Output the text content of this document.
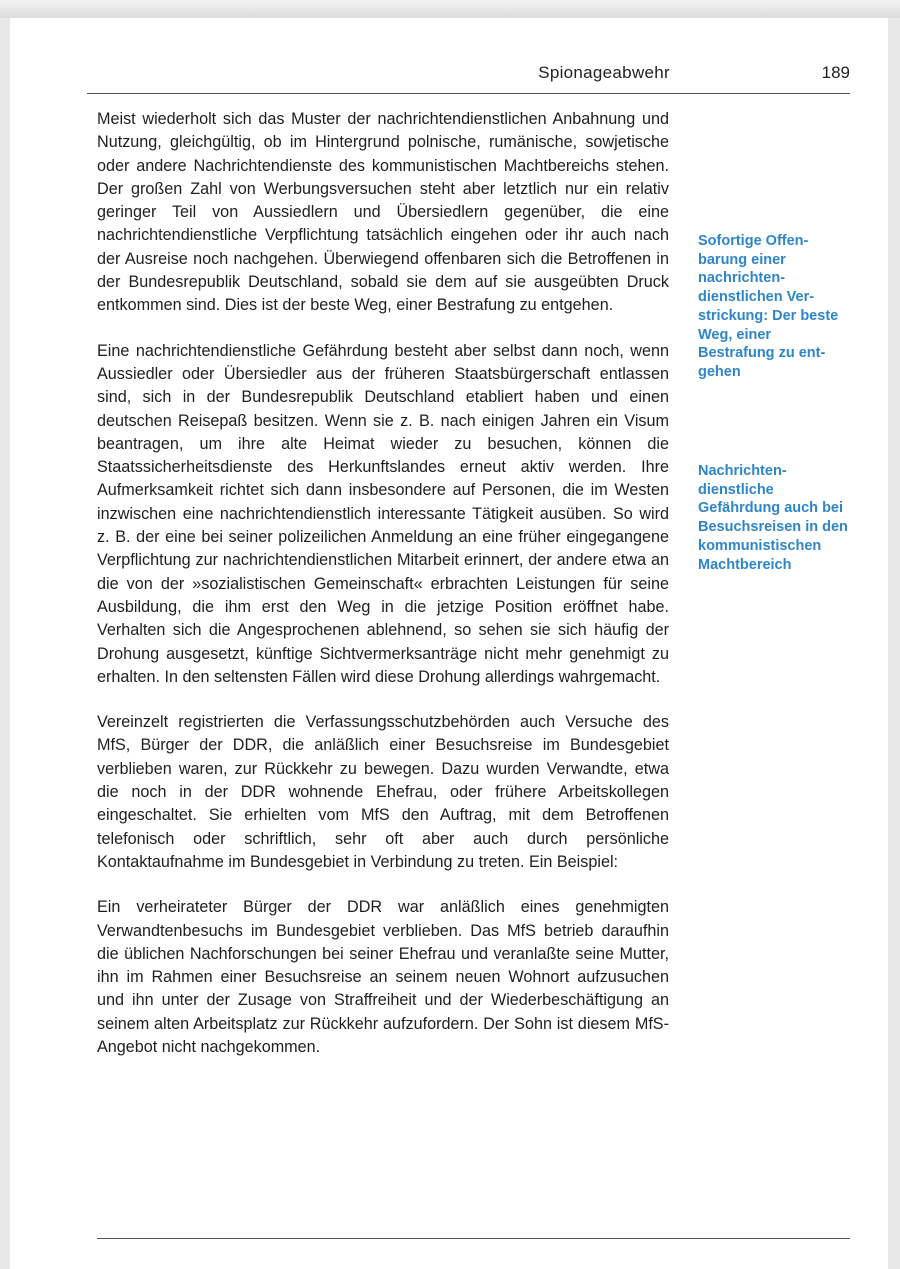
Spionageabwehr	189

Meist wiederholt sich das Muster der nachrichtendienstlichen Anbahnung und Nutzung, gleichgültig, ob im Hintergrund polnische, rumänische, sowjetische oder andere Nachrichtendienste des kommunistischen Machtbereichs stehen. Der großen Zahl von Werbungsversuchen steht aber letztlich nur ein relativ geringer Teil von Aussiedlern und Übersiedlern gegenüber, die eine nachrichtendienstliche Verpflichtung tatsächlich eingehen oder ihr auch nach der Ausreise noch nachgehen. Überwiegend offenbaren sich die Betroffenen in der Bundesrepublik Deutschland, sobald sie dem auf sie ausgeübten Druck entkommen sind. Dies ist der beste Weg, einer Bestrafung zu entgehen.

Eine nachrichtendienstliche Gefährdung besteht aber selbst dann noch, wenn Aussiedler oder Übersiedler aus der früheren Staatsbürgerschaft entlassen sind, sich in der Bundesrepublik Deutschland etabliert haben und einen deutschen Reisepaß besitzen. Wenn sie z. B. nach einigen Jahren ein Visum beantragen, um ihre alte Heimat wieder zu besuchen, können die Staatssicherheitsdienste des Herkunftslandes erneut aktiv werden. Ihre Aufmerksamkeit richtet sich dann insbesondere auf Personen, die im Westen inzwischen eine nachrichtendienstlich interessante Tätigkeit ausüben. So wird z. B. der eine bei seiner polizeilichen Anmeldung an eine früher eingegangene Verpflichtung zur nachrichtendienstlichen Mitarbeit erinnert, der andere etwa an die von der »sozialistischen Gemeinschaft« erbrachten Leistungen für seine Ausbildung, die ihm erst den Weg in die jetzige Position eröffnet habe. Verhalten sich die Angesprochenen ablehnend, so sehen sie sich häufig der Drohung ausgesetzt, künftige Sichtvermerksanträge nicht mehr genehmigt zu erhalten. In den seltensten Fällen wird diese Drohung allerdings wahrgemacht.

Vereinzelt registrierten die Verfassungsschutzbehörden auch Versuche des MfS, Bürger der DDR, die anläßlich einer Besuchsreise im Bundesgebiet verblieben waren, zur Rückkehr zu bewegen. Dazu wurden Verwandte, etwa die noch in der DDR wohnende Ehefrau, oder frühere Arbeitskollegen eingeschaltet. Sie erhielten vom MfS den Auftrag, mit dem Betroffenen telefonisch oder schriftlich, sehr oft aber auch durch persönliche Kontaktaufnahme im Bundesgebiet in Verbindung zu treten. Ein Beispiel:

Ein verheirateter Bürger der DDR war anläßlich eines genehmigten Verwandtenbesuchs im Bundesgebiet verblieben. Das MfS betrieb daraufhin die üblichen Nachforschungen bei seiner Ehefrau und veranlaßte seine Mutter, ihn im Rahmen einer Besuchsreise an seinem neuen Wohnort aufzusuchen und ihn unter der Zusage von Straffreiheit und der Wiederbeschäftigung an seinem alten Arbeitsplatz zur Rückkehr aufzufordern. Der Sohn ist diesem MfS-Angebot nicht nachgekommen.

Sofortige Offenbarung einer nachrichtendienstlichen Verstrickung: Der beste Weg, einer Bestrafung zu entgehen
Nachrichtendienstliche Gefährdung auch bei Besuchsreisen in den kommunistischen Machtbereich
